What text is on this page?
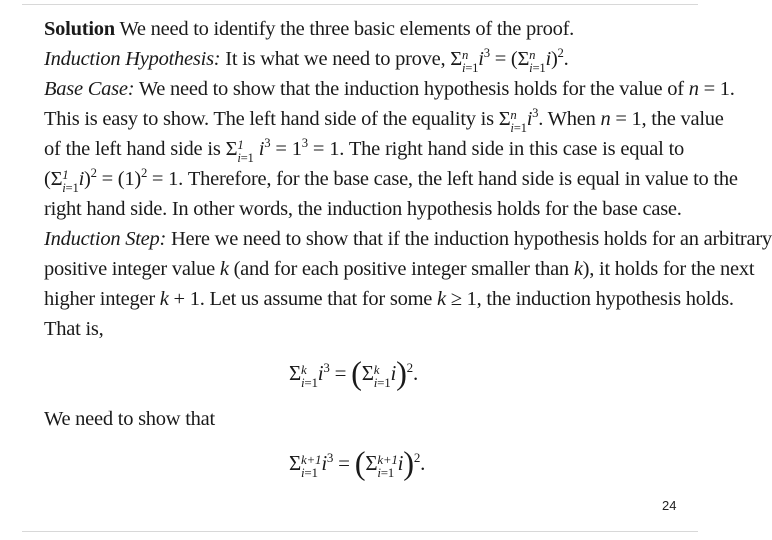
Solution We need to identify the three basic elements of the proof.
Induction Hypothesis: It is what we need to prove, Σ n
i=1 $i^3 = (\Sigma$ n
i=1 i)$^2$.
Base Case: We need to show that the induction hypothesis holds for the value of n = 1.
This is easy to show. The left hand side of the equality is Σ n
i=1 $i^3$. When n = 1, the value
of the left hand side is Σ 1
i=1 $i^3 = 1^3 = 1$. The right hand side in this case is equal to
(Σ 1
i=1 $i)^2 = (1)^2 = 1$. Therefore, for the base case, the left hand side is equal in value to the
right hand side. In other words, the induction hypothesis holds for the base case.
Induction Step: Here we need to show that if the induction hypothesis holds for an arbitrary
positive integer value k (and for each positive integer smaller than k), it holds for the next
higher integer k + 1. Let us assume that for some k ≥ 1, the induction hypothesis holds.
That is,
Σ k
i=1 $i^3 = (\Sigma$ k
i=1 i)$^2$.
We need to show that
Σ k+1
i=1 $i^3 = (\Sigma$ k+1
i=1 i)$^2$.
24
